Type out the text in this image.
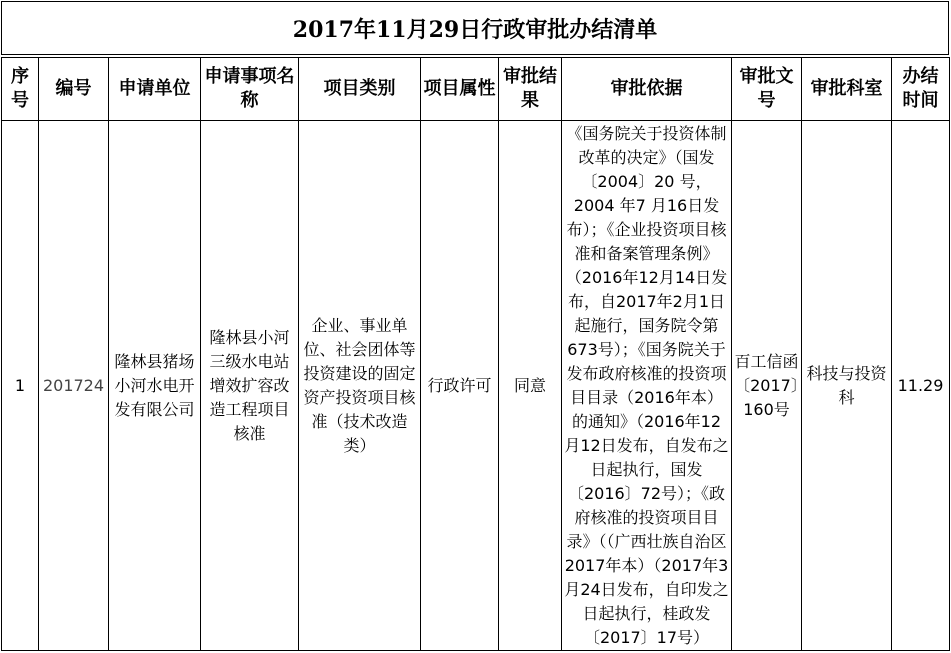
2017年11月29日行政审批办结清单
序号	编号	申请单位	申请事项名称	项目类别	项目属性	审批结果	审批依据	审批文号	审批科室	办结时间
1	201724	隆林县猪场小河水电开发有限公司	隆林县小河三级水电站增效扩容改造工程项目核准	企业、事业单位、社会团体等投资建设的固定资产投资项目核准（技术改造类）	行政许可	同意	《国务院关于投资体制改革的决定》（国发〔2004〕20 号，2004 年7 月16日发布）；《企业投资项目核准和备案管理条例》（2016年12月14日发布，自2017年2月1日起施行，国务院令第673号）；《国务院关于发布政府核准的投资项目目录（2016年本）的通知》（2016年12月12日发布，自发布之日起执行，国发〔2016〕72号）；《政府核准的投资项目目录》（（广西壮族自治区2017年本）（2017年3月24日发布，自印发之日起执行，桂政发〔2017〕17号）	百工信函〔2017〕160号	科技与投资科	11.29
